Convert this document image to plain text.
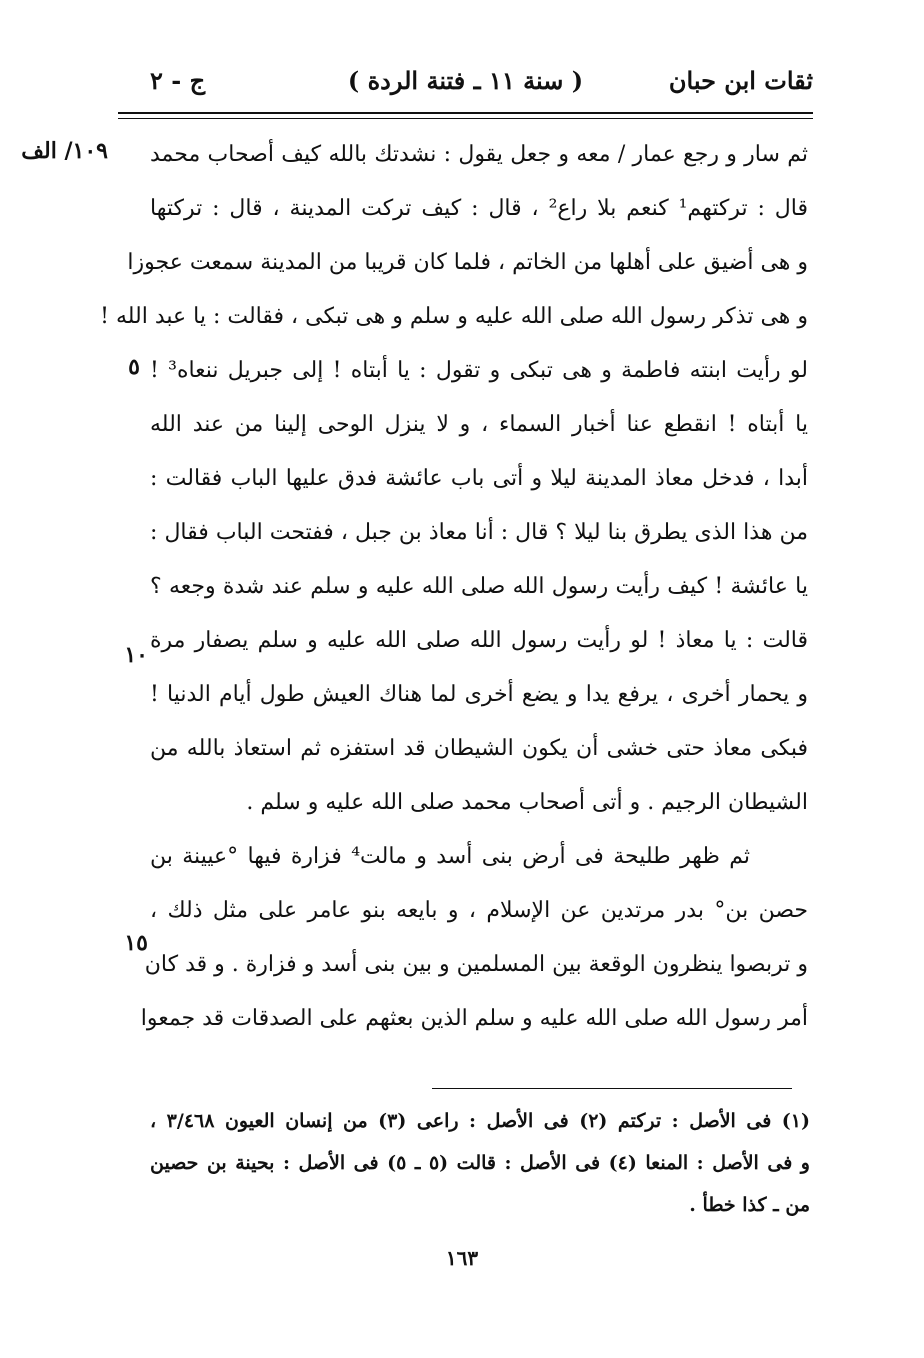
ثقات ابن حبان
( سنة ١١ ـ فتنة الردة )
ج - ٢
١٠٩/ الف
٥
١٠
١٥
ثم سار و رجع عمار / معه و جعل يقول : نشدتك بالله كيف أصحاب محمد
قال : تركتهم¹ كنعم بلا راع² ، قال : كيف تركت المدينة ، قال : تركتها
و هى أضيق على أهلها من الخاتم ، فلما كان قريبا من المدينة سمعت عجوزا
و هى تذكر رسول الله صلى الله عليه و سلم و هى تبكى ، فقالت : يا عبد الله !
لو رأيت ابنته فاطمة و هى تبكى و تقول : يا أبتاه ! إلى جبريل ننعاه³ !
يا أبتاه ! انقطع عنا أخبار السماء ، و لا ينزل الوحى إلينا من عند الله
أبدا ، فدخل معاذ المدينة ليلا و أتى باب عائشة فدق عليها الباب فقالت :
من هذا الذى يطرق بنا ليلا ؟ قال : أنا معاذ بن جبل ، ففتحت الباب فقال :
يا عائشة ! كيف رأيت رسول الله صلى الله عليه و سلم عند شدة وجعه ؟
قالت : يا معاذ ! لو رأيت رسول الله صلى الله عليه و سلم يصفار مرة
و يحمار أخرى ، يرفع يدا و يضع أخرى لما هناك العيش طول أيام الدنيا !
فبكى معاذ حتى خشى أن يكون الشيطان قد استفزه ثم استعاذ بالله من
الشيطان الرجيم . و أتى أصحاب محمد صلى الله عليه و سلم .
ثم ظهر طليحة فى أرض بنى أسد و مالت⁴ فزارة فيها °عيينة بن
حصن بن° بدر مرتدين عن الإسلام ، و بايعه بنو عامر على مثل ذلك ،
و تربصوا ينظرون الوقعة بين المسلمين و بين بنى أسد و فزارة . و قد كان
أمر رسول الله صلى الله عليه و سلم الذين بعثهم على الصدقات قد جمعوا
(١) فى الأصل : تركتم (٢) فى الأصل : راعى (٣) من إنسان العيون ٣/٤٦٨ ،
و فى الأصل : المنعا (٤) فى الأصل : قالت (٥ ـ ٥) فى الأصل : بحينة بن حصين
من ـ كذا خطأ .
١٦٣
